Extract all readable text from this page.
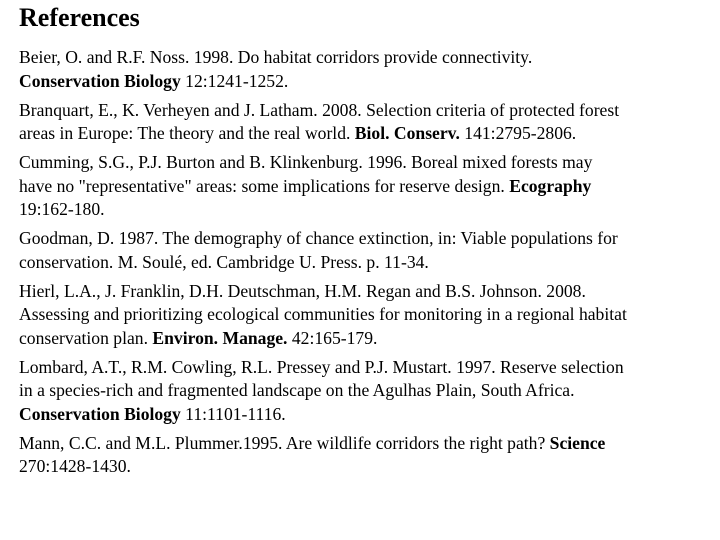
References
Beier, O. and R.F. Noss. 1998. Do habitat corridors provide connectivity.
Conservation Biology 12:1241-1252.
Branquart, E., K. Verheyen and J. Latham. 2008. Selection criteria of protected forest
areas in Europe: The theory and the real world. Biol. Conserv. 141:2795-2806.
Cumming, S.G., P.J. Burton and B. Klinkenburg. 1996. Boreal mixed forests may
have no "representative" areas: some implications for reserve design. Ecography
19:162-180.
Goodman, D. 1987. The demography of chance extinction, in: Viable populations for
conservation. M. Soulé, ed. Cambridge U. Press. p. 11-34.
Hierl, L.A., J. Franklin, D.H. Deutschman, H.M. Regan and B.S. Johnson. 2008.
Assessing and prioritizing ecological communities for monitoring in a regional habitat
conservation plan. Environ. Manage. 42:165-179.
Lombard, A.T., R.M. Cowling, R.L. Pressey and P.J. Mustart. 1997. Reserve selection
in a species-rich and fragmented landscape on the Agulhas Plain, South Africa.
Conservation Biology 11:1101-1116.
Mann, C.C. and M.L. Plummer.1995. Are wildlife corridors the right path? Science
270:1428-1430.
